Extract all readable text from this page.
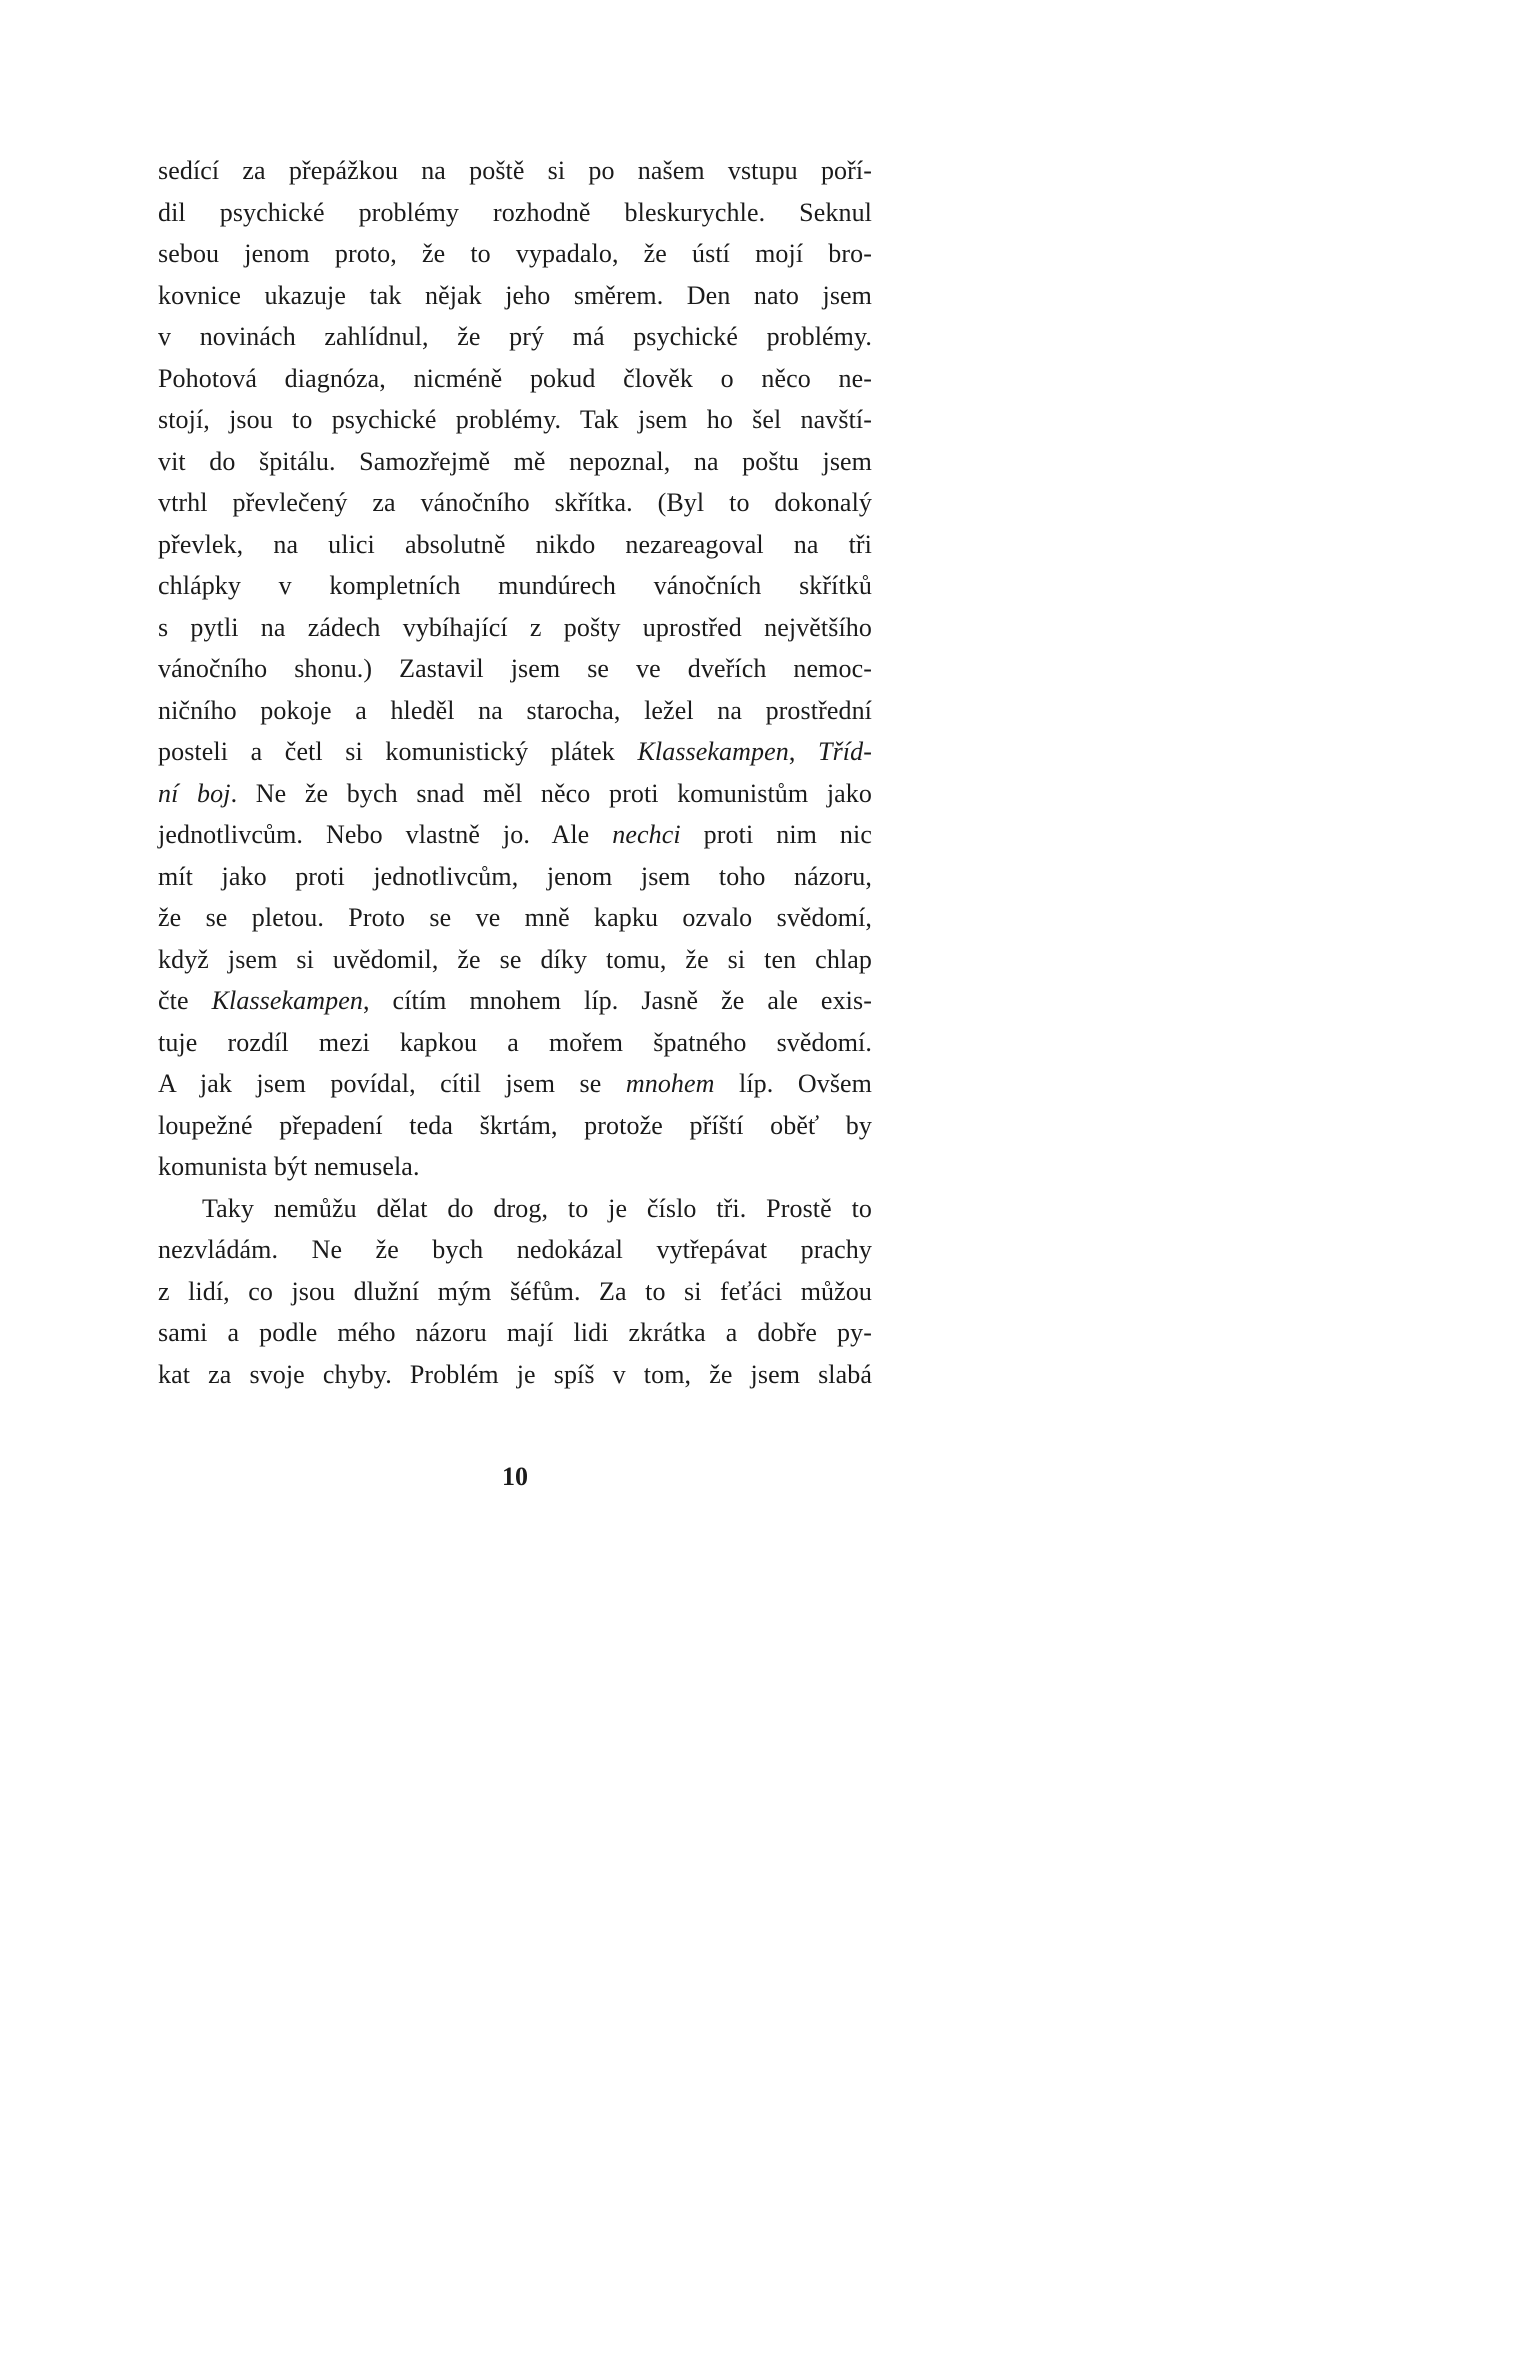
sedící za přepážkou na poště si po našem vstupu poří-
dil psychické problémy rozhodně bleskurychle. Seknul
sebou jenom proto, že to vypadalo, že ústí mojí bro-
kovnice ukazuje tak nějak jeho směrem. Den nato jsem
v novinách zahlídnul, že prý má psychické problémy.
Pohotová diagnóza, nicméně pokud člověk o něco ne-
stojí, jsou to psychické problémy. Tak jsem ho šel navští-
vit do špitálu. Samozřejmě mě nepoznal, na poštu jsem
vtrhl převlečený za vánočního skřítka. (Byl to dokonalý
převlek, na ulici absolutně nikdo nezareagoval na tři
chlápky v kompletních mundúrech vánočních skřítků
s pytli na zádech vybíhající z pošty uprostřed největšího
vánočního shonu.) Zastavil jsem se ve dveřích nemoc-
ničního pokoje a hleděl na starocha, ležel na prostřední
posteli a četl si komunistický plátek Klassekampen, Tříd-
ní boj. Ne že bych snad měl něco proti komunistům jako
jednotlivcům. Nebo vlastně jo. Ale nechci proti nim nic
mít jako proti jednotlivcům, jenom jsem toho názoru,
že se pletou. Proto se ve mně kapku ozvalo svědomí,
když jsem si uvědomil, že se díky tomu, že si ten chlap
čte Klassekampen, cítím mnohem líp. Jasně že ale exis-
tuje rozdíl mezi kapkou a mořem špatného svědomí.
A jak jsem povídal, cítil jsem se mnohem líp. Ovšem
loupežné přepadení teda škrtám, protože příští oběť by
komunista být nemusela.
Taky nemůžu dělat do drog, to je číslo tři. Prostě to
nezvládám. Ne že bych nedokázal vytřepávat prachy
z lidí, co jsou dlužní mým šéfům. Za to si feťáci můžou
sami a podle mého názoru mají lidi zkrátka a dobře py-
kat za svoje chyby. Problém je spíš v tom, že jsem slabá
10
